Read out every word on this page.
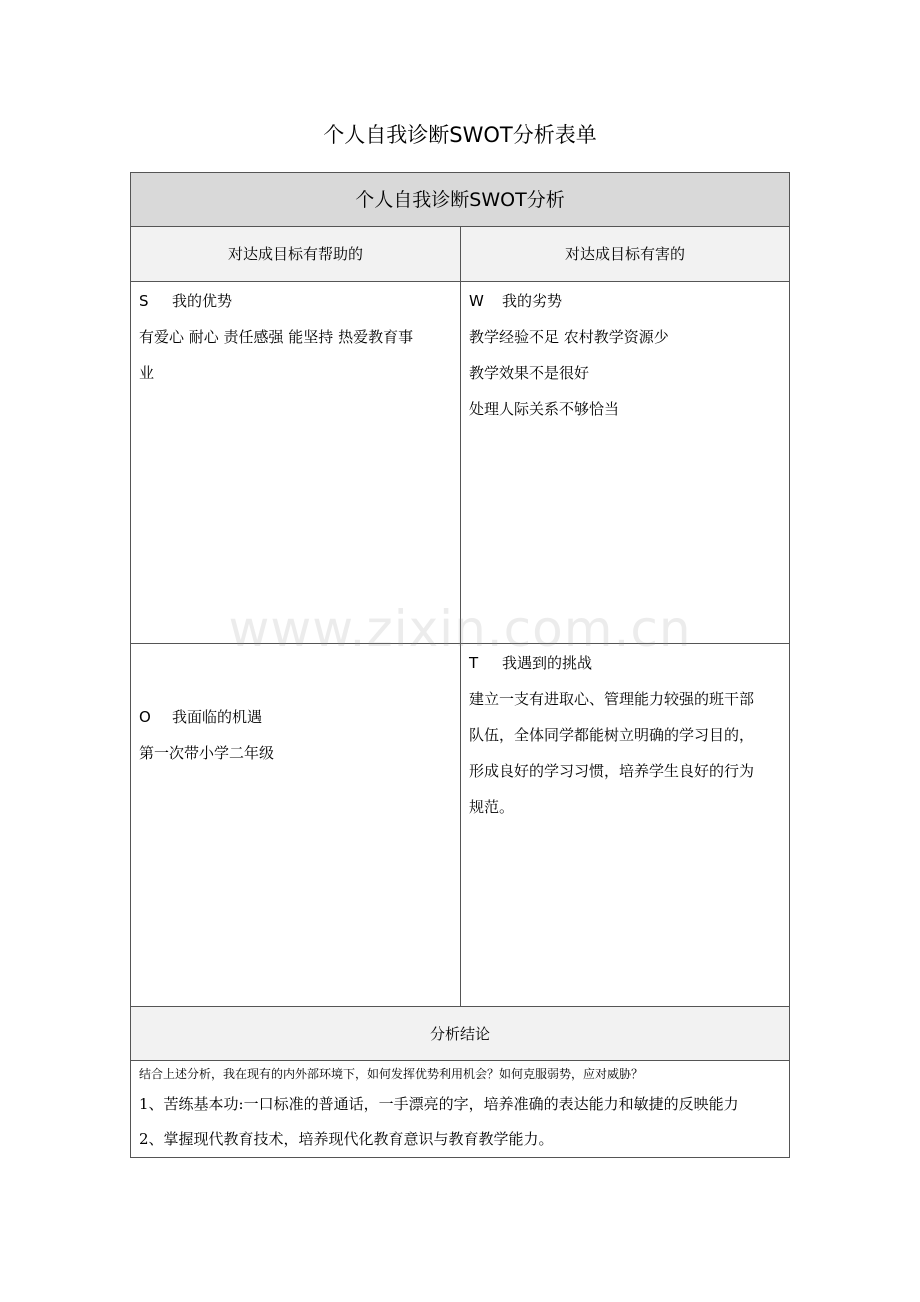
个人自我诊断SWOT分析表单
个人自我诊断SWOT分析
对达成目标有帮助的	对达成目标有害的

S 我的优势

有爱心 耐心 责任感强 能坚持 热爱教育事

业

W 我的劣势

教学经验不足 农村教学资源少

教学效果不是很好

处理人际关系不够恰当

O 我面临的机遇

第一次带小学二年级

T 我遇到的挑战

建立一支有进取心、管理能力较强的班干部

队伍，全体同学都能树立明确的学习目的，

形成良好的学习习惯，培养学生良好的行为

规范。

分析结论

结合上述分析，我在现有的内外部环境下，如何发挥优势利用机会？如何克服弱势，应对威胁？

1、苦练基本功:一口标准的普通话，一手漂亮的字，培养准确的表达能力和敏捷的反映能力

2、掌握现代教育技术，培养现代化教育意识与教育教学能力。

www.zixin.com.cn
